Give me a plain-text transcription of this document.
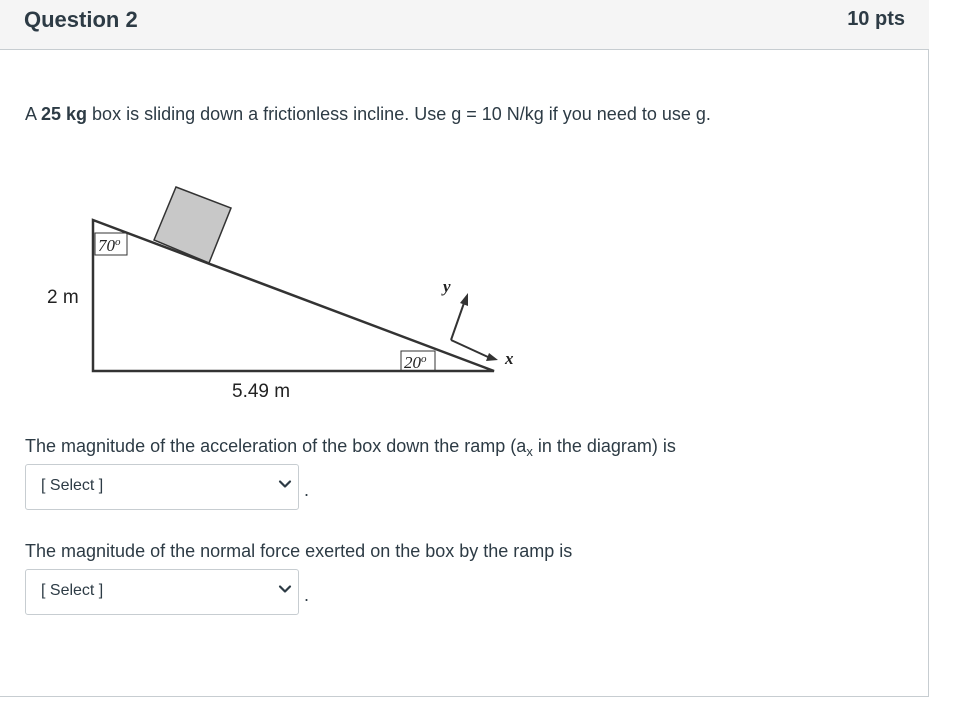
Question 2	10 pts
A 25 kg box is sliding down a frictionless incline. Use g = 10 N/kg if you need to use g.
70$^o$
20$^o$
2 m
5.49 m
y
x
The magnitude of the acceleration of the box down the ramp ($a_x$ in the diagram) is
[ Select ]	.
The magnitude of the normal force exerted on the box by the ramp is
[ Select ]	.
